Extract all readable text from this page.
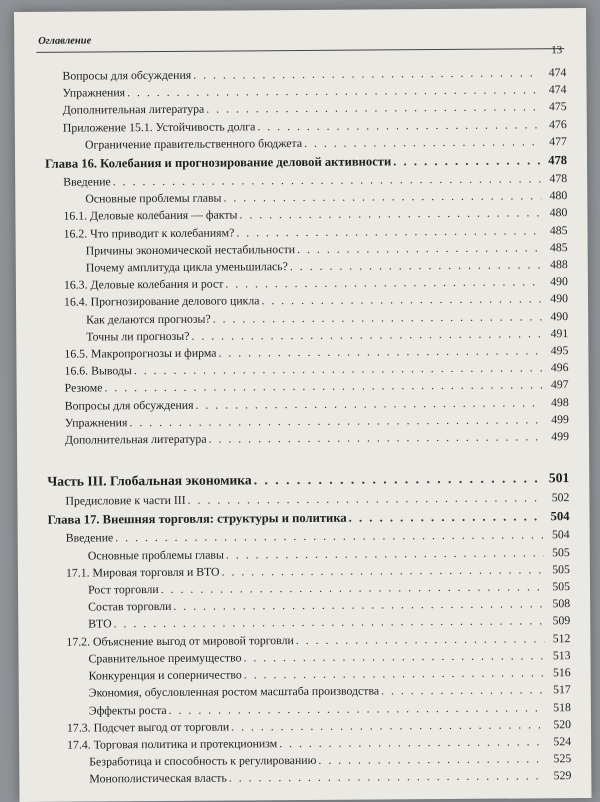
Оглавление
13
Вопросы для обсуждения . . .	474
Упражнения . . .	474
Дополнительная литература . . .	475
Приложение 15.1. Устойчивость долга . . .	476
Ограничение правительственного бюджета . . .	477
Глава 16. Колебания и прогнозирование деловой активности . . .	478
Введение . . .	478
Основные проблемы главы . . .	480
16.1. Деловые колебания — факты . . .	480
16.2. Что приводит к колебаниям? . . .	485
Причины экономической нестабильности . . .	485
Почему амплитуда цикла уменьшилась? . . .	488
16.3. Деловые колебания и рост . . .	490
16.4. Прогнозирование делового цикла . . .	490
Как делаются прогнозы? . . .	490
Точны ли прогнозы? . . .	491
16.5. Макропрогнозы и фирма . . .	495
16.6. Выводы . . .	496
Резюме . . .	497
Вопросы для обсуждения . . .	498
Упражнения . . .	499
Дополнительная литература . . .	499
Часть III. Глобальная экономика . . .	501
Предисловие к части III . . .	502
Глава 17. Внешняя торговля: структуры и политика . . .	504
Введение . . .	504
Основные проблемы главы . . .	505
17.1. Мировая торговля и ВТО . . .	505
Рост торговли . . .	505
Состав торговли . . .	508
ВТО . . .	509
17.2. Объяснение выгод от мировой торговли . . .	512
Сравнительное преимущество . . .	513
Конкуренция и соперничество . . .	516
Экономия, обусловленная ростом масштаба производства . . .	517
Эффекты роста . . .	518
17.3. Подсчет выгод от торговли . . .	520
17.4. Торговая политика и протекционизм . . .	524
Безработица и способность к регулированию . . .	525
Монополистическая власть . . .	529
